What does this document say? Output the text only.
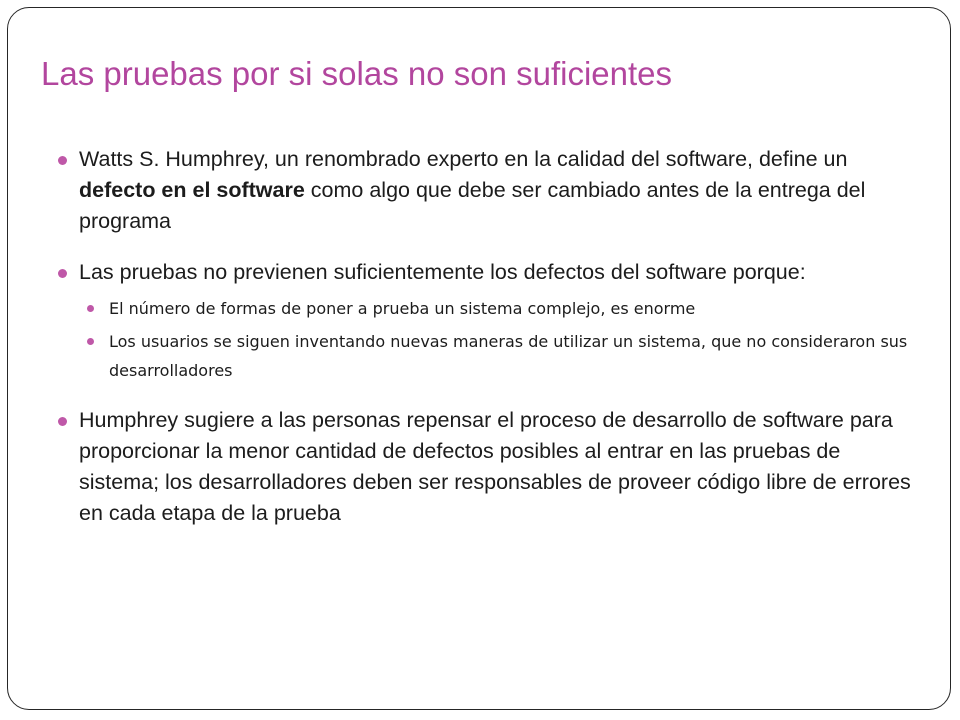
Las pruebas por si solas no son suficientes
Watts S. Humphrey, un renombrado experto en la calidad del software, define un defecto en el software como algo que debe ser cambiado antes de la entrega del programa
Las pruebas no previenen suficientemente los defectos del software porque:
El número de formas de poner a prueba un sistema complejo, es enorme
Los usuarios se siguen inventando nuevas maneras de utilizar un sistema, que no consideraron sus desarrolladores
Humphrey sugiere a las personas repensar el proceso de desarrollo de software para proporcionar la menor cantidad de defectos posibles al entrar en las pruebas de sistema; los desarrolladores deben ser responsables de proveer código libre de errores en cada etapa de la prueba
